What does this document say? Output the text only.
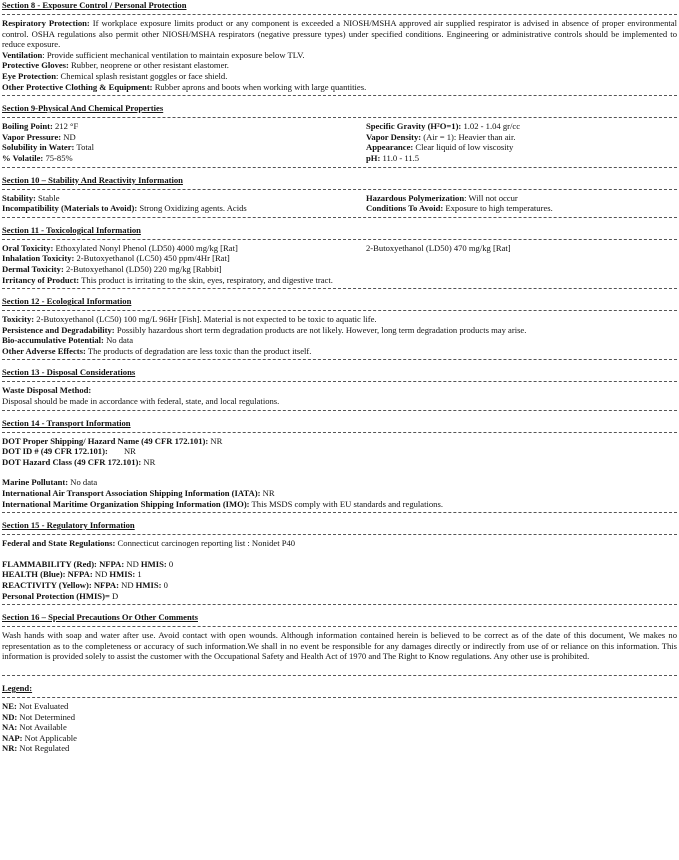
Section 8 - Exposure Control / Personal Protection

Respiratory Protection: If workplace exposure limits product or any component is exceeded a NIOSH/MSHA approved air supplied respirator is advised in absence of proper environmental control. OSHA regulations also permit other NIOSH/MSHA respirators (negative pressure types) under specified conditions. Engineering or administrative controls should be implemented to reduce exposure.

Ventilation: Provide sufficient mechanical ventilation to maintain exposure below TLV.

Protective Gloves: Rubber, neoprene or other resistant elastomer.

Eye Protection: Chemical splash resistant goggles or face shield.

Other Protective Clothing & Equipment: Rubber aprons and boots when working with large quantities.

Section 9-Physical And Chemical Properties

Boiling Point: 212 °F

Vapor Pressure: ND

Solubility in Water: Total

% Volatile: 75-85%

Specific Gravity (H²O=1): 1.02 - 1.04 gr/cc

Vapor Density: (Air = 1): Heavier than air.

Appearance: Clear liquid of low viscosity

pH: 11.0 - 11.5

Section 10 – Stability And Reactivity Information

Stability: Stable

Incompatibility (Materials to Avoid): Strong Oxidizing agents. Acids

Hazardous Polymerization: Will not occur

Conditions To Avoid: Exposure to high temperatures.

Section 11 - Toxicological Information

Oral Toxicity: Ethoxylated Nonyl Phenol (LD50) 4000 mg/kg [Rat]	2-Butoxyethanol (LD50) 470 mg/kg [Rat]

Inhalation Toxicity: 2-Butoxyethanol (LC50) 450 ppm/4Hr [Rat]

Dermal Toxicity: 2-Butoxyethanol (LD50) 220 mg/kg [Rabbit]

Irritancy of Product: This product is irritating to the skin, eyes, respiratory, and digestive tract.

Section 12 - Ecological Information

Toxicity: 2-Butoxyethanol (LC50) 100 mg/L 96Hr [Fish]. Material is not expected to be toxic to aquatic life.

Persistence and Degradability: Possibly hazardous short term degradation products are not likely. However, long term degradation products may arise.

Bio-accumulative Potential: No data

Other Adverse Effects: The products of degradation are less toxic than the product itself.

Section 13 - Disposal Considerations

Waste Disposal Method:

Disposal should be made in accordance with federal, state, and local regulations.

Section 14 - Transport Information

DOT Proper Shipping/ Hazard Name (49 CFR 172.101): NR

DOT ID # (49 CFR 172.101): NR

DOT Hazard Class (49 CFR 172.101): NR

Marine Pollutant: No data

International Air Transport Association Shipping Information (IATA): NR

International Maritime Organization Shipping Information (IMO): This MSDS comply with EU standards and regulations.

Section 15 - Regulatory Information

Federal and State Regulations: Connecticut carcinogen reporting list : Nonidet P40

FLAMMABILITY (Red): NFPA: ND HMIS: 0

HEALTH (Blue): NFPA: ND HMIS: 1

REACTIVITY (Yellow): NFPA: ND HMIS: 0

Personal Protection (HMIS)= D

Section 16 – Special Precautions Or Other Comments

Wash hands with soap and water after use. Avoid contact with open wounds. Although information contained herein is believed to be correct as of the date of this document, We makes no representation as to the completeness or accuracy of such information.We shall in no event be responsible for any damages directly or indirectly from use of or reliance on this information. This information is provided solely to assist the customer with the Occupational Safety and Health Act of 1970 and The Right to Know regulations. Any other use is prohibited.

Legend:

NE: Not Evaluated

ND: Not Determined

NA: Not Available

NAP: Not Applicable

NR: Not Regulated
